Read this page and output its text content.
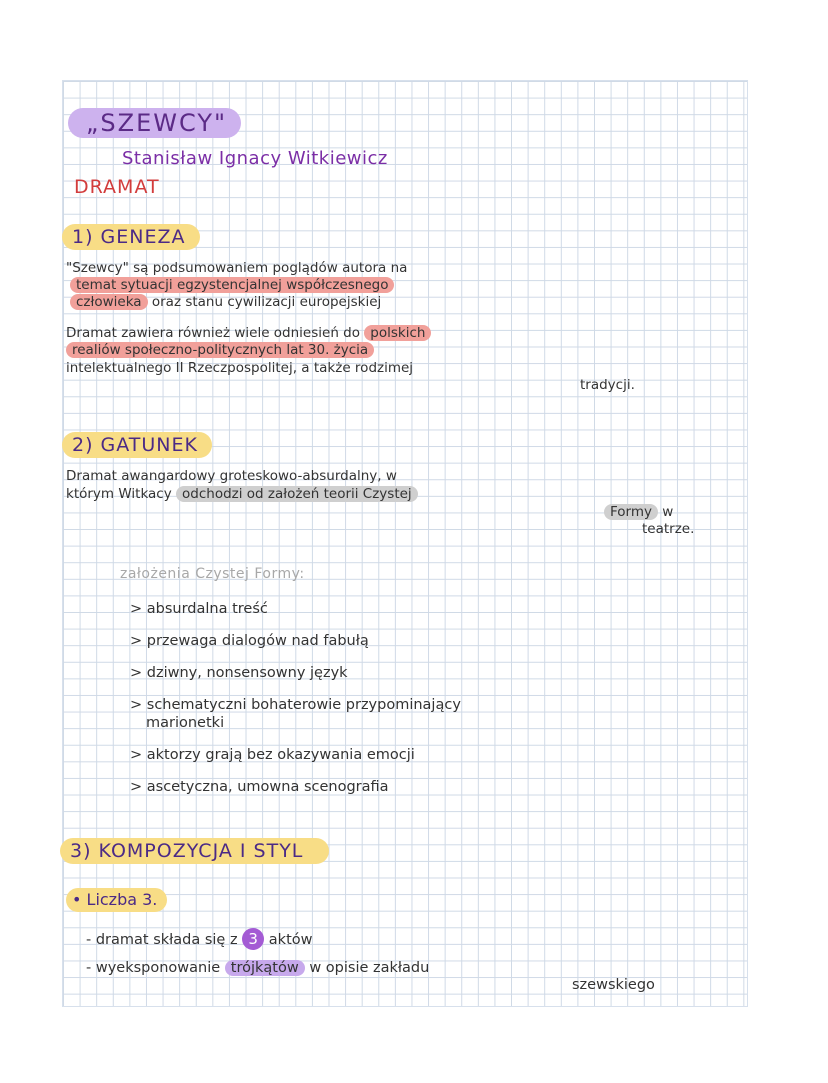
„SZEWCY"
Stanisław Ignacy Witkiewicz
DRAMAT
1) GENEZA
"Szewcy" są podsumowaniem poglądów autora na
temat sytuacji egzystencjalnej współczesnego
człowieka oraz stanu cywilizacji europejskiej
Dramat zawiera również wiele odniesień do polskich
realiów społeczno-politycznych lat 30. życia
intelektualnego II Rzeczpospolitej, a także rodzimej
tradycji.
2) GATUNEK
Dramat awangardowy groteskowo-absurdalny, w
którym Witkacy odchodzi od założeń teorii Czystej
Formy w
teatrze.
założenia Czystej Formy:
> absurdalna treść
> przewaga dialogów nad fabułą
> dziwny, nonsensowny język
> schematyczni bohaterowie przypominający
marionetki
> aktorzy grają bez okazywania emocji
> ascetyczna, umowna scenografia
3) KOMPOZYCJA I STYL
• Liczba 3.
- dramat składa się z 3 aktów
- wyeksponowanie trójkątów w opisie zakładu
szewskiego
